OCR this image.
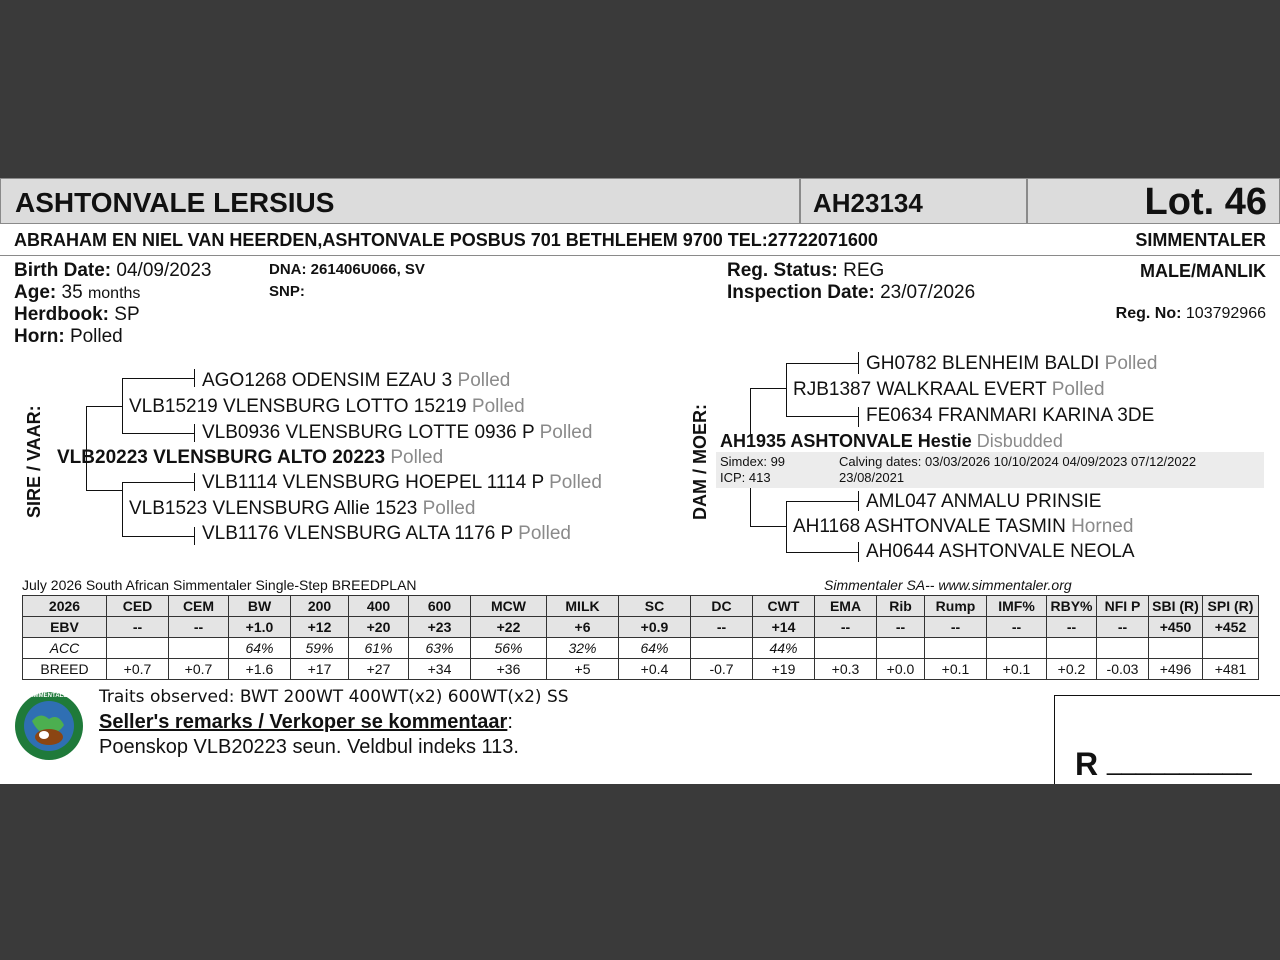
ASHTONVALE LERSIUS	AH23134	Lot. 46
ABRAHAM EN NIEL VAN HEERDEN,ASHTONVALE POSBUS 701 BETHLEHEM 9700 TEL:27722071600	SIMMENTALER
Birth Date: 04/09/2023
Age: 35 months
Herdbook: SP
Horn: Polled
DNA: 261406U066, SV
SNP:
Reg. Status: REG
Inspection Date: 23/07/2026
MALE/MANLIK
Reg. No: 103792966
SIRE / VAAR:
AGO1268 ODENSIM EZAU 3 Polled
VLB15219 VLENSBURG LOTTO 15219 Polled
VLB0936 VLENSBURG LOTTE 0936 P Polled
VLB20223 VLENSBURG ALTO 20223 Polled
VLB1114 VLENSBURG HOEPEL 1114 P Polled
VLB1523 VLENSBURG Allie 1523 Polled
VLB1176 VLENSBURG ALTA 1176 P Polled
DAM / MOER:
GH0782 BLENHEIM BALDI Polled
RJB1387 WALKRAAL EVERT Polled
FE0634 FRANMARI KARINA 3DE
AH1935 ASHTONVALE Hestie Disbudded
Simdex: 99
ICP: 413
Calving dates: 03/03/2026 10/10/2024 04/09/2023 07/12/2022
23/08/2021
AML047 ANMALU PRINSIE
AH1168 ASHTONVALE TASMIN Horned
AH0644 ASHTONVALE NEOLA
July 2026 South African Simmentaler Single-Step BREEDPLAN	Simmentaler SA-- www.simmentaler.org
2026	CED	CEM	BW	200	400	600	MCW	MILK	SC	DC	CWT	EMA	Rib	Rump	IMF%	RBY%	NFI P	SBI (R)	SPI (R)
EBV	--	--	+1.0	+12	+20	+23	+22	+6	+0.9	--	+14	--	--	--	--	--	--	+450	+452
ACC			64%	59%	61%	63%	56%	32%	64%		44%								
BREED	+0.7	+0.7	+1.6	+17	+27	+34	+36	+5	+0.4	-0.7	+19	+0.3	+0.0	+0.1	+0.1	+0.2	-0.03	+496	+481
SIMMENTALER Traits observed: BWT 200WT 400WT(x2) 600WT(x2) SS
Seller's remarks / Verkoper se kommentaar:
Poenskop VLB20223 seun. Veldbul indeks 113.	R __________
